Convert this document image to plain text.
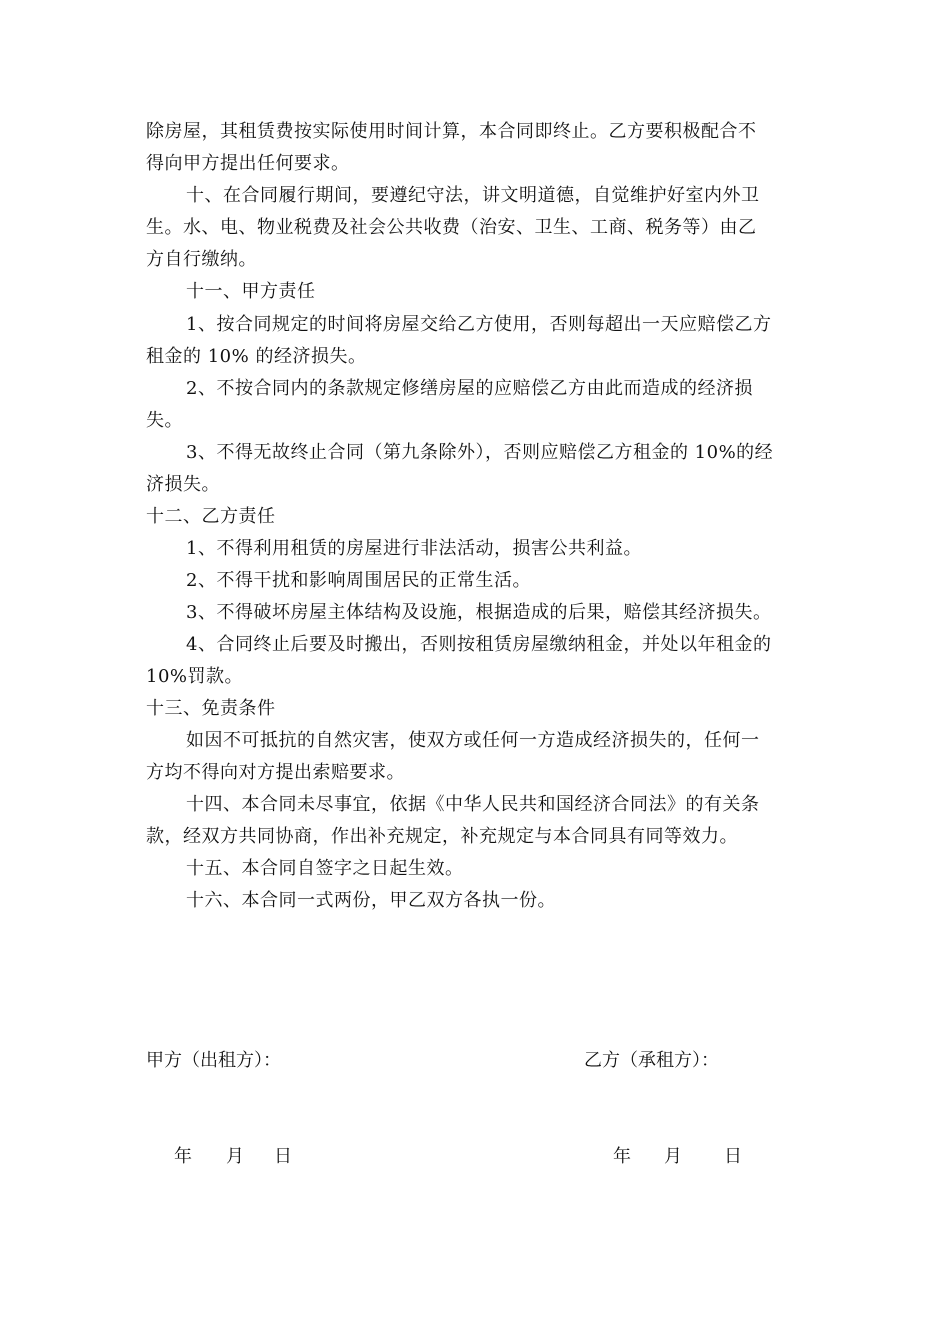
除房屋，其租赁费按实际使用时间计算，本合同即终止。乙方要积极配合不
得向甲方提出任何要求。
十、在合同履行期间，要遵纪守法，讲文明道德，自觉维护好室内外卫
生。水、电、物业税费及社会公共收费（治安、卫生、工商、税务等）由乙
方自行缴纳。
十一、甲方责任
1、按合同规定的时间将房屋交给乙方使用，否则每超出一天应赔偿乙方
租金的 10% 的经济损失。
2、不按合同内的条款规定修缮房屋的应赔偿乙方由此而造成的经济损
失。
3、不得无故终止合同（第九条除外），否则应赔偿乙方租金的 10%的经
济损失。
十二、乙方责任
1、不得利用租赁的房屋进行非法活动，损害公共利益。
2、不得干扰和影响周围居民的正常生活。
3、不得破坏房屋主体结构及设施，根据造成的后果，赔偿其经济损失。
4、合同终止后要及时搬出，否则按租赁房屋缴纳租金，并处以年租金的
10%罚款。
十三、免责条件
如因不可抵抗的自然灾害，使双方或任何一方造成经济损失的，任何一
方均不得向对方提出索赔要求。
十四、本合同未尽事宜，依据《中华人民共和国经济合同法》的有关条
款，经双方共同协商，作出补充规定，补充规定与本合同具有同等效力。
十五、本合同自签字之日起生效。
十六、本合同一式两份，甲乙双方各执一份。
甲方（出租方）：	乙方（承租方）：
年 月 日	年 月 日
